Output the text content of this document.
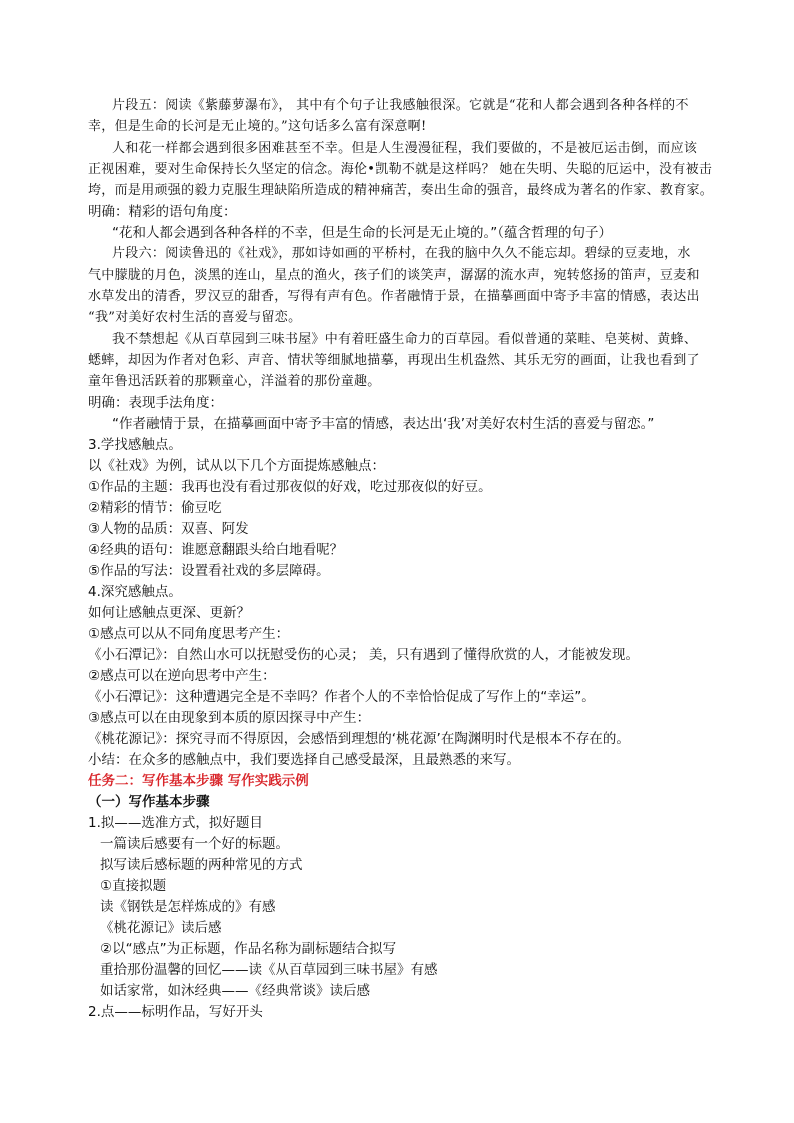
片段五：阅读《紫藤萝瀑布》， 其中有个句子让我感触很深。它就是“花和人都会遇到各种各样的不
幸，但是生命的长河是无止境的。”这句话多么富有深意啊!
人和花一样都会遇到很多困难甚至不幸。但是人生漫漫征程，我们要做的，不是被厄运击倒，而应该
正视困难，要对生命保持长久坚定的信念。海伦•凯勒不就是这样吗？ 她在失明、失聪的厄运中，没有被击
垮，而是用顽强的毅力克服生理缺陷所造成的精神痛苦，奏出生命的强音，最终成为著名的作家、教育家。
明确：精彩的语句角度：
“花和人都会遇到各种各样的不幸，但是生命的长河是无止境的。”（蕴含哲理的句子）
片段六：阅读鲁迅的《社戏》，那如诗如画的平桥村，在我的脑中久久不能忘却。碧绿的豆麦地，水
气中朦胧的月色，淡黑的连山，星点的渔火，孩子们的谈笑声，潺潺的流水声，宛转悠扬的笛声，豆麦和
水草发出的清香，罗汉豆的甜香，写得有声有色。作者融情于景，在描摹画面中寄予丰富的情感，表达出
“我”对美好农村生活的喜爱与留恋。
我不禁想起《从百草园到三味书屋》中有着旺盛生命力的百草园。看似普通的菜畦、皂荚树、黄蜂、
蟋蟀，却因为作者对色彩、声音、情状等细腻地描摹，再现出生机盎然、其乐无穷的画面，让我也看到了
童年鲁迅活跃着的那颗童心，洋溢着的那份童趣。
明确：表现手法角度：
“作者融情于景，在描摹画面中寄予丰富的情感，表达出‘我’对美好农村生活的喜爱与留恋。”
3.学找感触点。
以《社戏》为例，试从以下几个方面提炼感触点：
①作品的主题：我再也没有看过那夜似的好戏，吃过那夜似的好豆。
②精彩的情节：偷豆吃
③人物的品质：双喜、阿发
④经典的语句：谁愿意翻跟头给白地看呢？
⑤作品的写法：设置看社戏的多层障碍。
4.深究感触点。
如何让感触点更深、更新？
①感点可以从不同角度思考产生：
《小石潭记》：自然山水可以抚慰受伤的心灵； 美，只有遇到了懂得欣赏的人，才能被发现。
②感点可以在逆向思考中产生：
《小石潭记》：这种遭遇完全是不幸吗？作者个人的不幸恰恰促成了写作上的“幸运”。
③感点可以在由现象到本质的原因探寻中产生：
《桃花源记》：探究寻而不得原因，会感悟到理想的‘桃花源’在陶渊明时代是根本不存在的。
小结：在众多的感触点中，我们要选择自己感受最深，且最熟悉的来写。
任务二：写作基本步骤 写作实践示例
（一）写作基本步骤
1.拟——选准方式，拟好题目
一篇读后感要有一个好的标题。
拟写读后感标题的两种常见的方式
①直接拟题
读《钢铁是怎样炼成的》有感
《桃花源记》读后感
②以“感点”为正标题，作品名称为副标题结合拟写
重拾那份温馨的回忆——读《从百草园到三味书屋》有感
如话家常，如沐经典——《经典常谈》读后感
2.点——标明作品，写好开头
